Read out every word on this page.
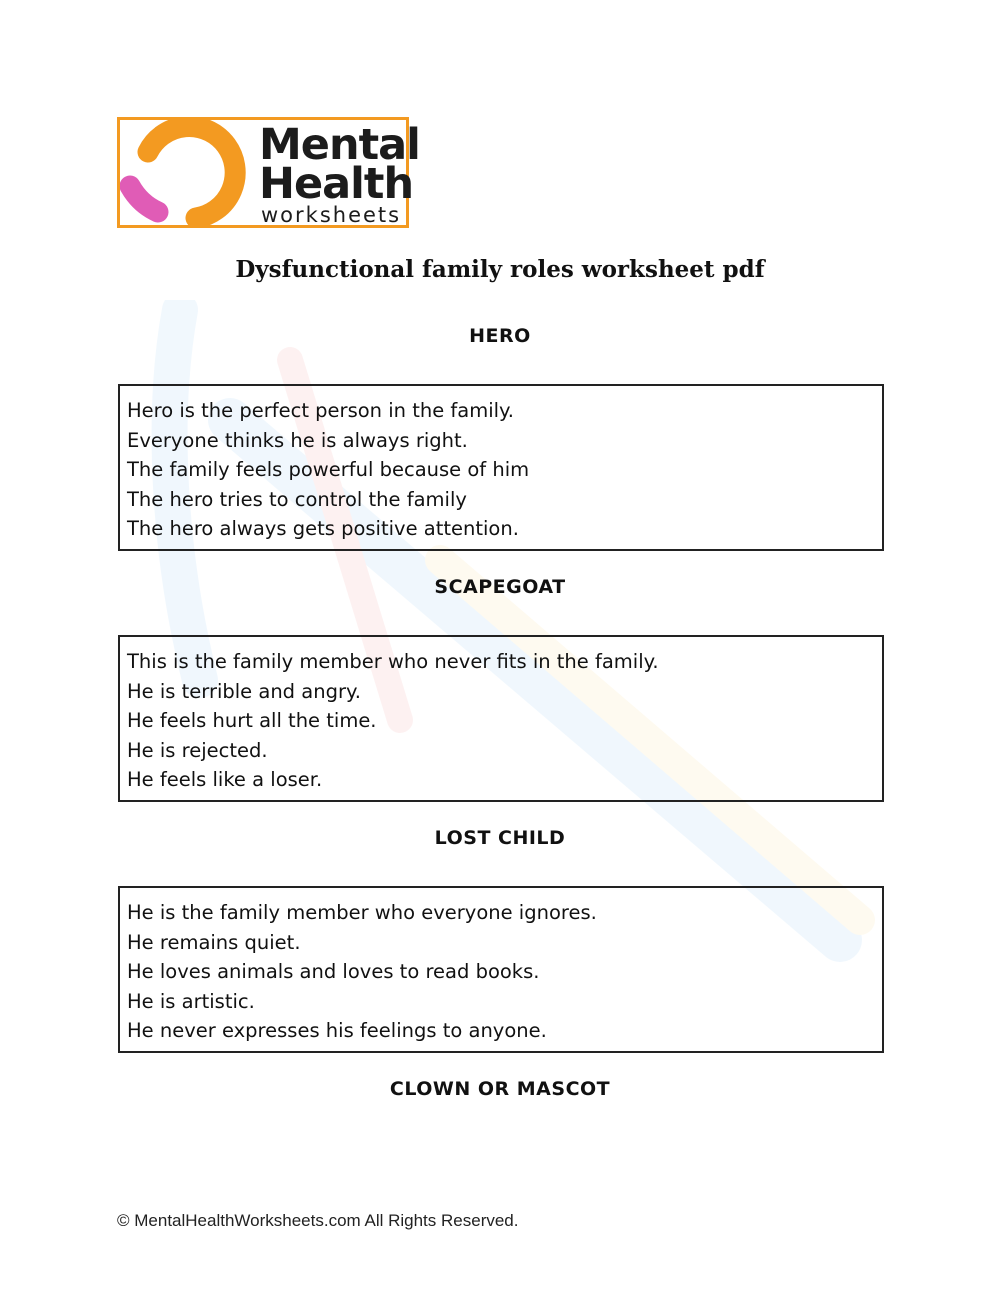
Mental
Health
worksheets
Dysfunctional family roles worksheet pdf
HERO
Hero is the perfect person in the family.
Everyone thinks he is always right.
The family feels powerful because of him
The hero tries to control the family
The hero always gets positive attention.
SCAPEGOAT
This is the family member who never fits in the family.
He is terrible and angry.
He feels hurt all the time.
He is rejected.
He feels like a loser.
LOST CHILD
He is the family member who everyone ignores.
He remains quiet.
He loves animals and loves to read books.
He is artistic.
He never expresses his feelings to anyone.
CLOWN OR MASCOT
© MentalHealthWorksheets.com All Rights Reserved.
